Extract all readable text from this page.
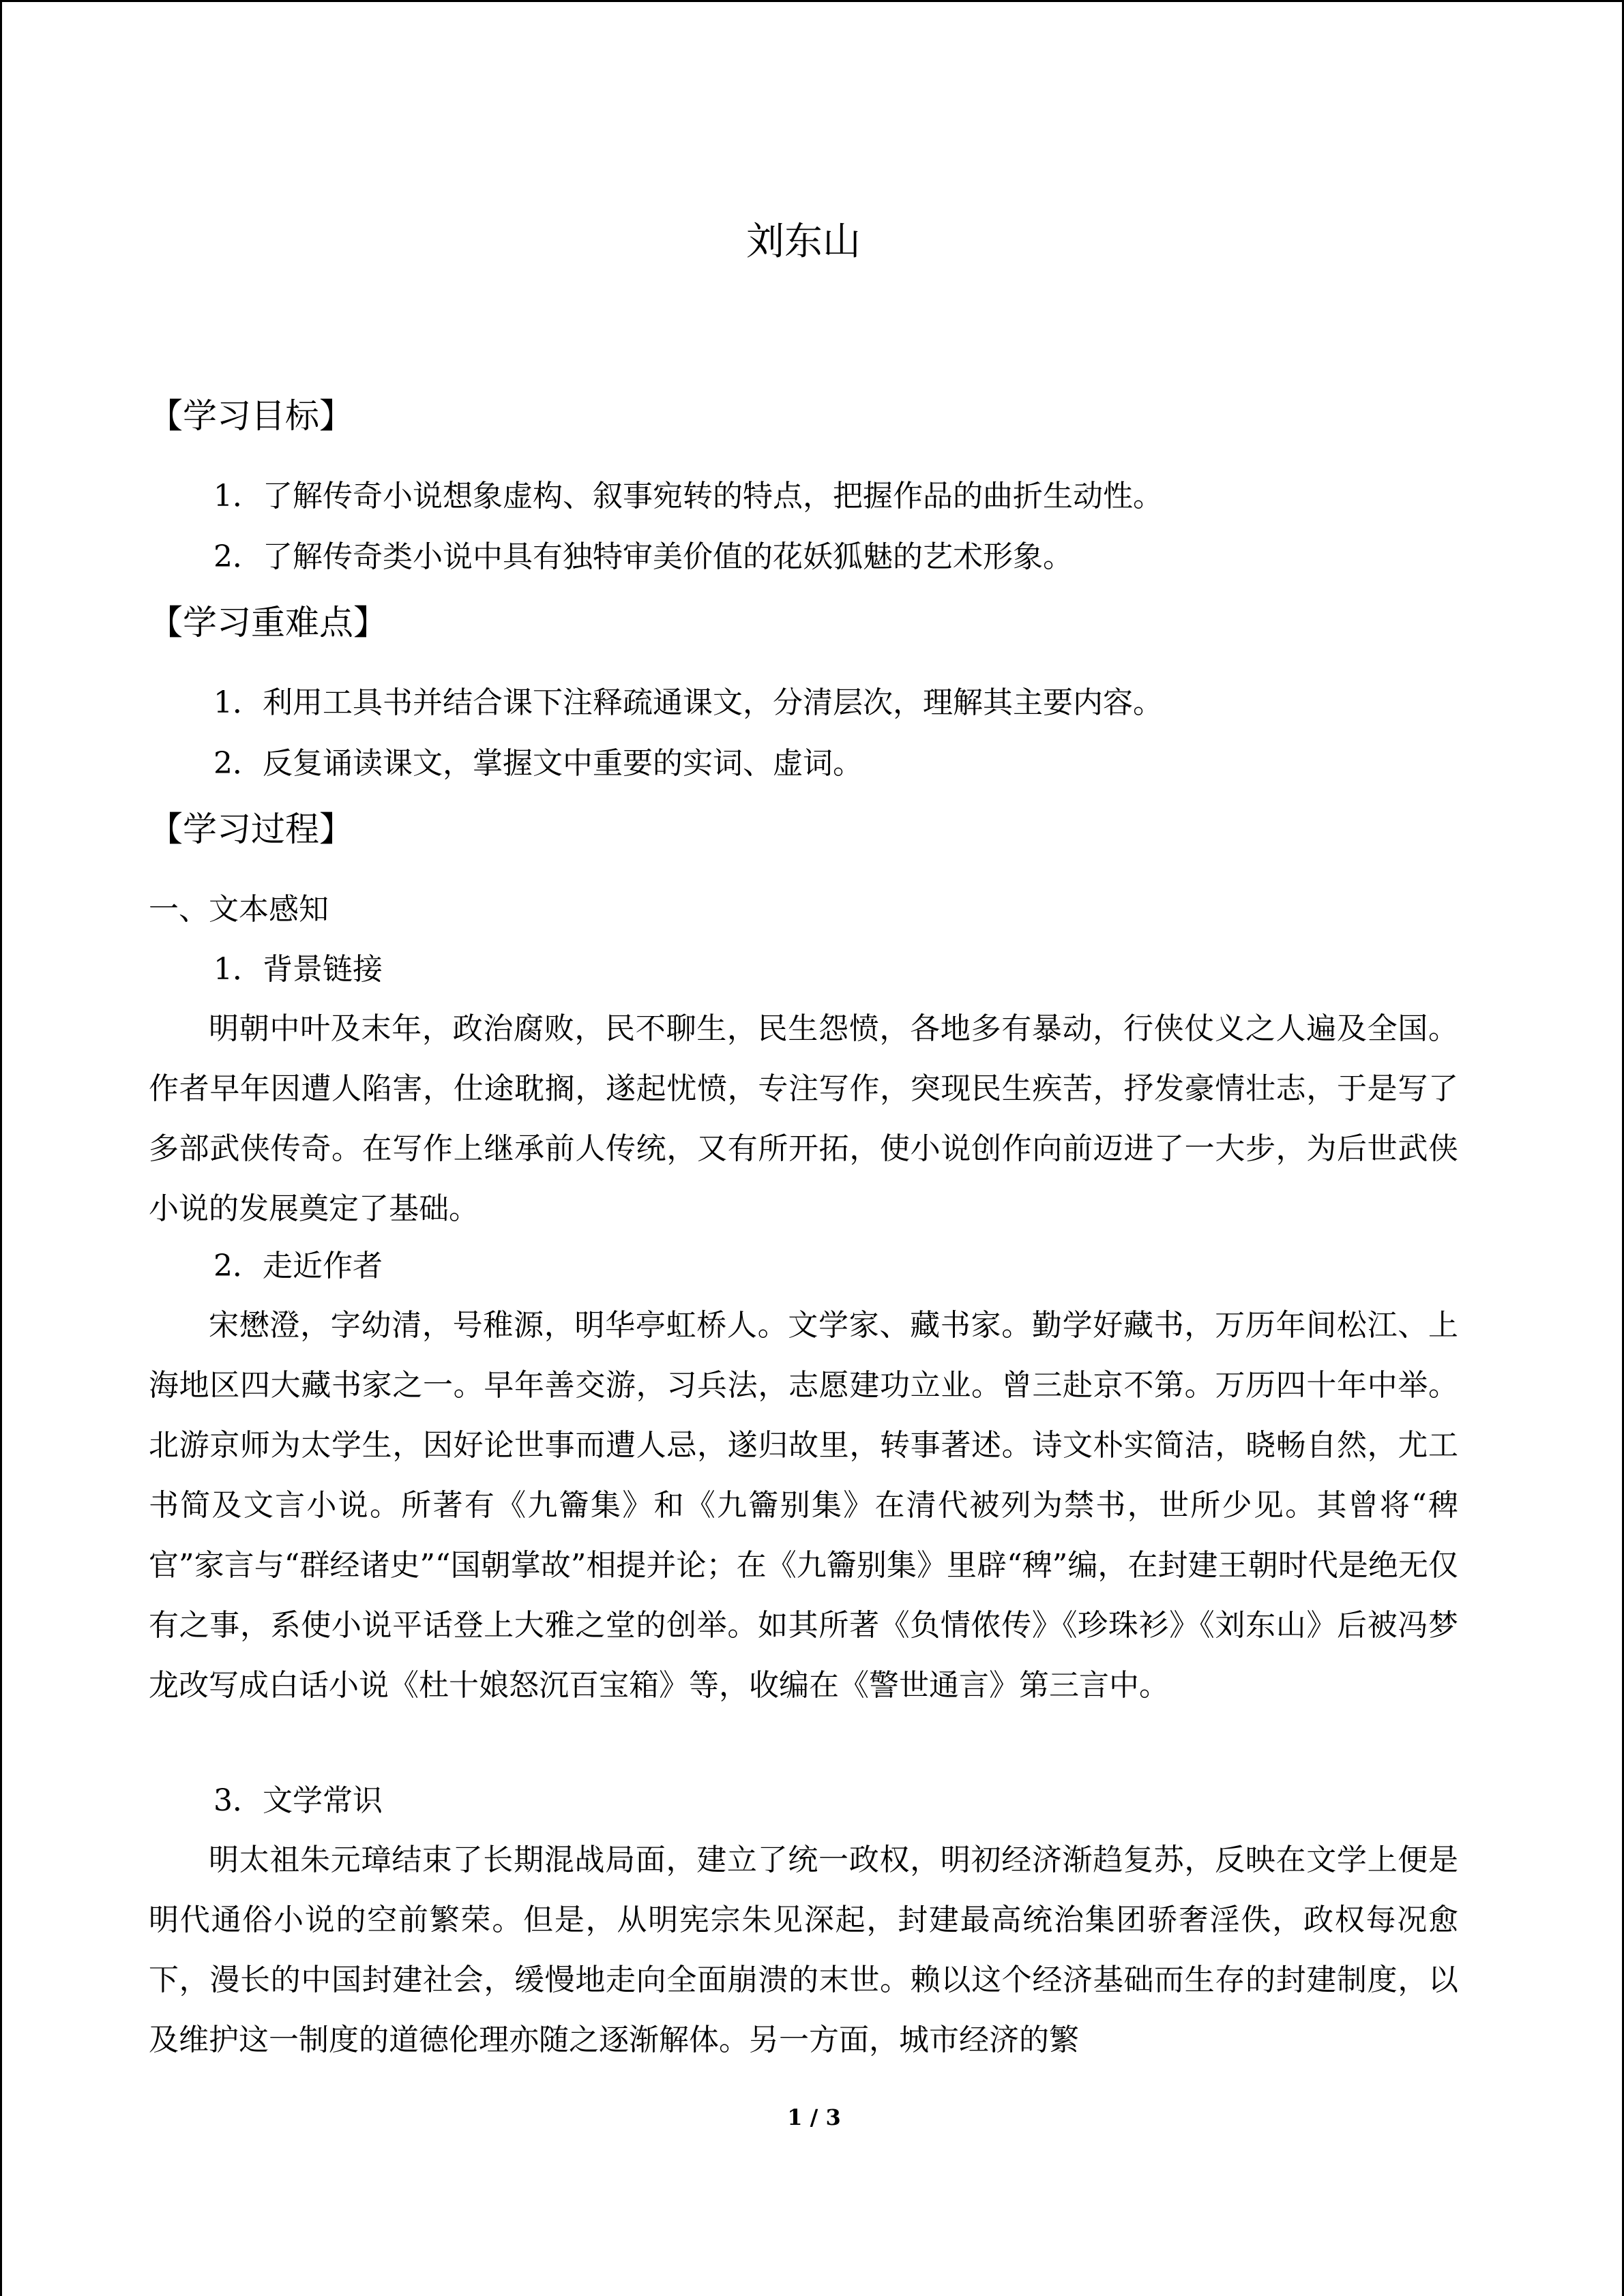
刘东山
【学习目标】

1．了解传奇小说想象虚构、叙事宛转的特点，把握作品的曲折生动性。

2．了解传奇类小说中具有独特审美价值的花妖狐魅的艺术形象。

【学习重难点】

1．利用工具书并结合课下注释疏通课文，分清层次，理解其主要内容。

2．反复诵读课文，掌握文中重要的实词、虚词。

【学习过程】

一、文本感知

1．背景链接

明朝中叶及末年，政治腐败，民不聊生，民生怨愤，各地多有暴动，行侠仗义之人遍及全国。作者早年因遭人陷害，仕途耽搁，遂起忧愤，专注写作，突现民生疾苦，抒发豪情壮志，于是写了多部武侠传奇。在写作上继承前人传统，又有所开拓，使小说创作向前迈进了一大步，为后世武侠小说的发展奠定了基础。

2．走近作者

宋懋澄，字幼清，号稚源，明华亭虹桥人。文学家、藏书家。勤学好藏书，万历年间松江、上海地区四大藏书家之一。早年善交游，习兵法，志愿建功立业。曾三赴京不第。万历四十年中举。北游京师为太学生，因好论世事而遭人忌，遂归故里，转事著述。诗文朴实简洁，晓畅自然，尤工书简及文言小说。所著有《九籥集》和《九籥别集》在清代被列为禁书，世所少见。其曾将“稗官”家言与“群经诸史”“国朝掌故”相提并论；在《九籥别集》里辟“稗”编，在封建王朝时代是绝无仅有之事，系使小说平话登上大雅之堂的创举。如其所著《负情侬传》《珍珠衫》《刘东山》后被冯梦龙改写成白话小说《杜十娘怒沉百宝箱》等，收编在《警世通言》第三言中。

3．文学常识

明太祖朱元璋结束了长期混战局面，建立了统一政权，明初经济渐趋复苏，反映在文学上便是明代通俗小说的空前繁荣。但是，从明宪宗朱见深起，封建最高统治集团骄奢淫佚，政权每况愈下，漫长的中国封建社会，缓慢地走向全面崩溃的末世。赖以这个经济基础而生存的封建制度，以及维护这一制度的道德伦理亦随之逐渐解体。另一方面，城市经济的繁

1 / 3
